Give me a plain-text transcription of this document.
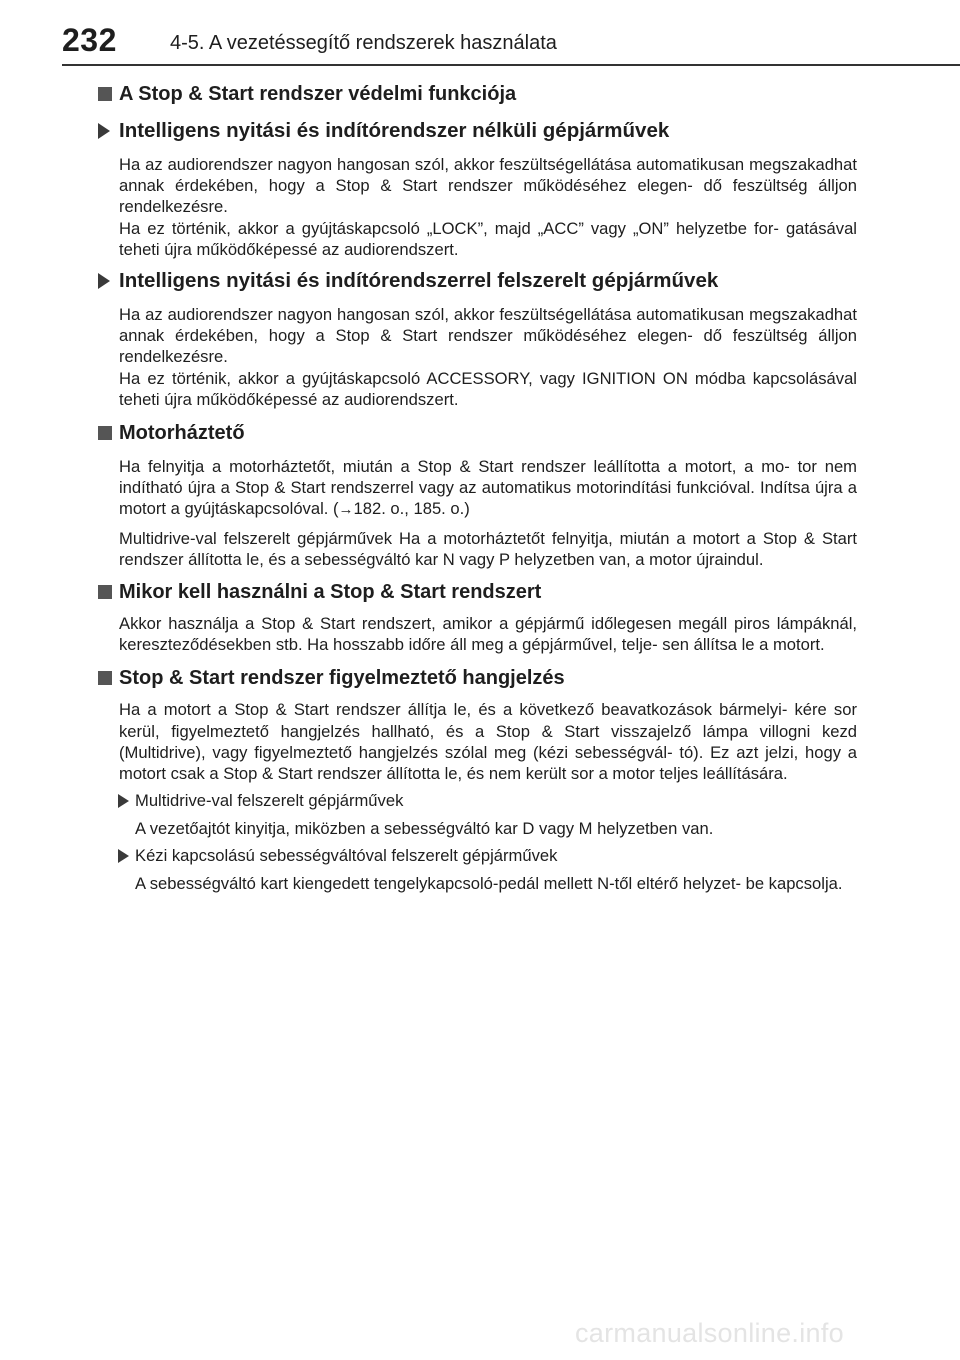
232	4-5. A vezetéssegítő rendszerek használata
A Stop & Start rendszer védelmi funkciója
Intelligens nyitási és indítórendszer nélküli gépjárművek

Ha az audiorendszer nagyon hangosan szól, akkor feszültségellátása automatikusan megszakadhat annak érdekében, hogy a Stop & Start rendszer működéséhez elegen- dő feszültség álljon rendelkezésre.

Ha ez történik, akkor a gyújtáskapcsoló „LOCK”, majd „ACC” vagy „ON” helyzetbe for- gatásával teheti újra működőképessé az audiorendszert.

Intelligens nyitási és indítórendszerrel felszerelt gépjárművek

Ha az audiorendszer nagyon hangosan szól, akkor feszültségellátása automatikusan megszakadhat annak érdekében, hogy a Stop & Start rendszer működéséhez elegen- dő feszültség álljon rendelkezésre.

Ha ez történik, akkor a gyújtáskapcsoló ACCESSORY, vagy IGNITION ON módba kapcsolásával teheti újra működőképessé az audiorendszert.

Motorháztető

Ha felnyitja a motorháztetőt, miután a Stop & Start rendszer leállította a motort, a mo- tor nem indítható újra a Stop & Start rendszerrel vagy az automatikus motorindítási funkcióval. Indítsa újra a motort a gyújtáskapcsolóval. (→182. o., 185. o.)

Multidrive-val felszerelt gépjárművek Ha a motorháztetőt felnyitja, miután a motort a Stop & Start rendszer állította le, és a sebességváltó kar N vagy P helyzetben van, a motor újraindul.

Mikor kell használni a Stop & Start rendszert

Akkor használja a Stop & Start rendszert, amikor a gépjármű időlegesen megáll piros lámpáknál, kereszteződésekben stb. Ha hosszabb időre áll meg a gépjárművel, telje- sen állítsa le a motort.

Stop & Start rendszer figyelmeztető hangjelzés

Ha a motort a Stop & Start rendszer állítja le, és a következő beavatkozások bármelyi- kére sor kerül, figyelmeztető hangjelzés hallható, és a Stop & Start visszajelző lámpa villogni kezd (Multidrive), vagy figyelmeztető hangjelzés szólal meg (kézi sebességvál- tó). Ez azt jelzi, hogy a motort csak a Stop & Start rendszer állította le, és nem került sor a motor teljes leállítására.

Multidrive-val felszerelt gépjárművek

A vezetőajtót kinyitja, miközben a sebességváltó kar D vagy M helyzetben van.

Kézi kapcsolású sebességváltóval felszerelt gépjárművek

A sebességváltó kart kiengedett tengelykapcsoló-pedál mellett N-től eltérő helyzet- be kapcsolja.

carmanualsonline.info
